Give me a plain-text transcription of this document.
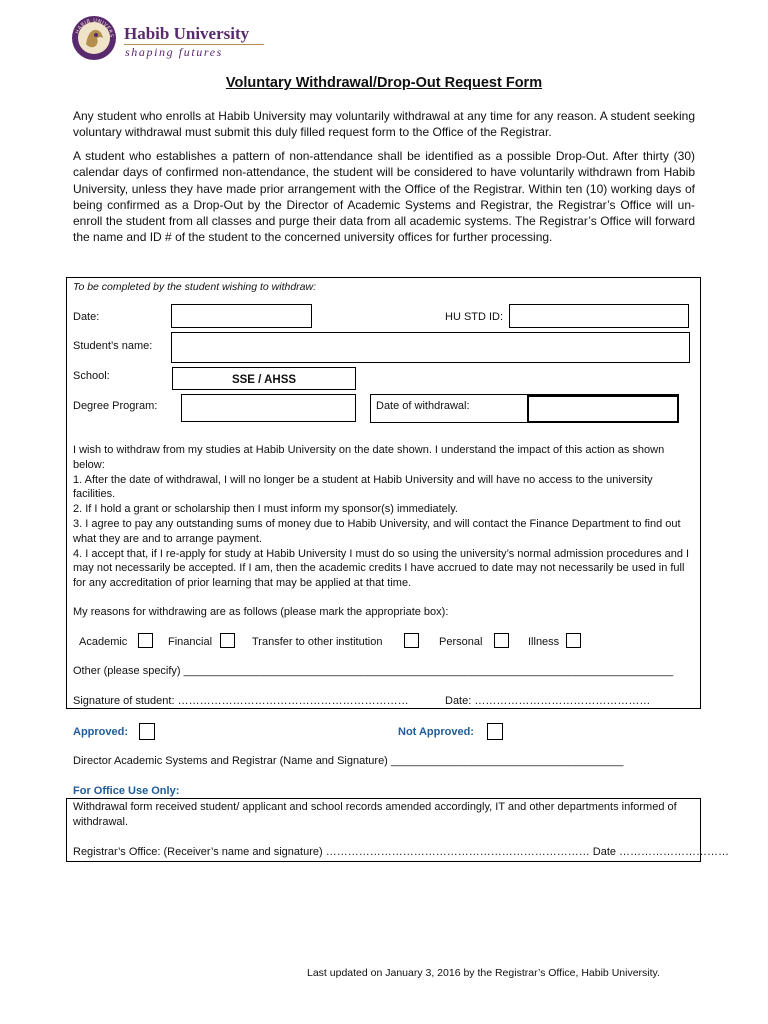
HABIB UNIVERS Habib University
shaping futures
Voluntary Withdrawal/Drop-Out Request Form
Any student who enrolls at Habib University may voluntarily withdrawal at any time for any reason. A student seeking voluntary withdrawal must submit this duly filled request form to the Office of the Registrar.
A student who establishes a pattern of non-attendance shall be identified as a possible Drop-Out. After thirty (30) calendar days of confirmed non-attendance, the student will be considered to have voluntarily withdrawn from Habib University, unless they have made prior arrangement with the Office of the Registrar. Within ten (10) working days of being confirmed as a Drop-Out by the Director of Academic Systems and Registrar, the Registrar’s Office will un-enroll the student from all classes and purge their data from all academic systems. The Registrar’s Office will forward the name and ID # of the student to the concerned university offices for further processing.
To be completed by the student wishing to withdraw:
Date:	HU STD ID:
Student’s name:
School:	SSE / AHSS
Degree Program:	Date of withdrawal:
I wish to withdraw from my studies at Habib University on the date shown. I understand the impact of this action as shown below:
1. After the date of withdrawal, I will no longer be a student at Habib University and will have no access to the university facilities.
2. If I hold a grant or scholarship then I must inform my sponsor(s) immediately.
3. I agree to pay any outstanding sums of money due to Habib University, and will contact the Finance Department to find out what they are and to arrange payment.
4. I accept that, if I re-apply for study at Habib University I must do so using the university’s normal admission procedures and I may not necessarily be accepted. If I am, then the academic credits I have accrued to date may not necessarily be used in full for any accreditation of prior learning that may be applied at that time.
My reasons for withdrawing are as follows (please mark the appropriate box):
Academic	Financial	Transfer to other institution	Personal	Illness
Other (please specify) ________________________________________________________________________________
Signature of student: ………………………………………………………	Date: …………………………………………
Approved:	Not Approved:
Director Academic Systems and Registrar (Name and Signature) ______________________________________
For Office Use Only:
Withdrawal form received student/ applicant and school records amended accordingly, IT and other departments informed of withdrawal.
Registrar’s Office: (Receiver’s name and signature) ……………………………………………………………… Date …………………………
Last updated on January 3, 2016 by the Registrar’s Office, Habib University.
